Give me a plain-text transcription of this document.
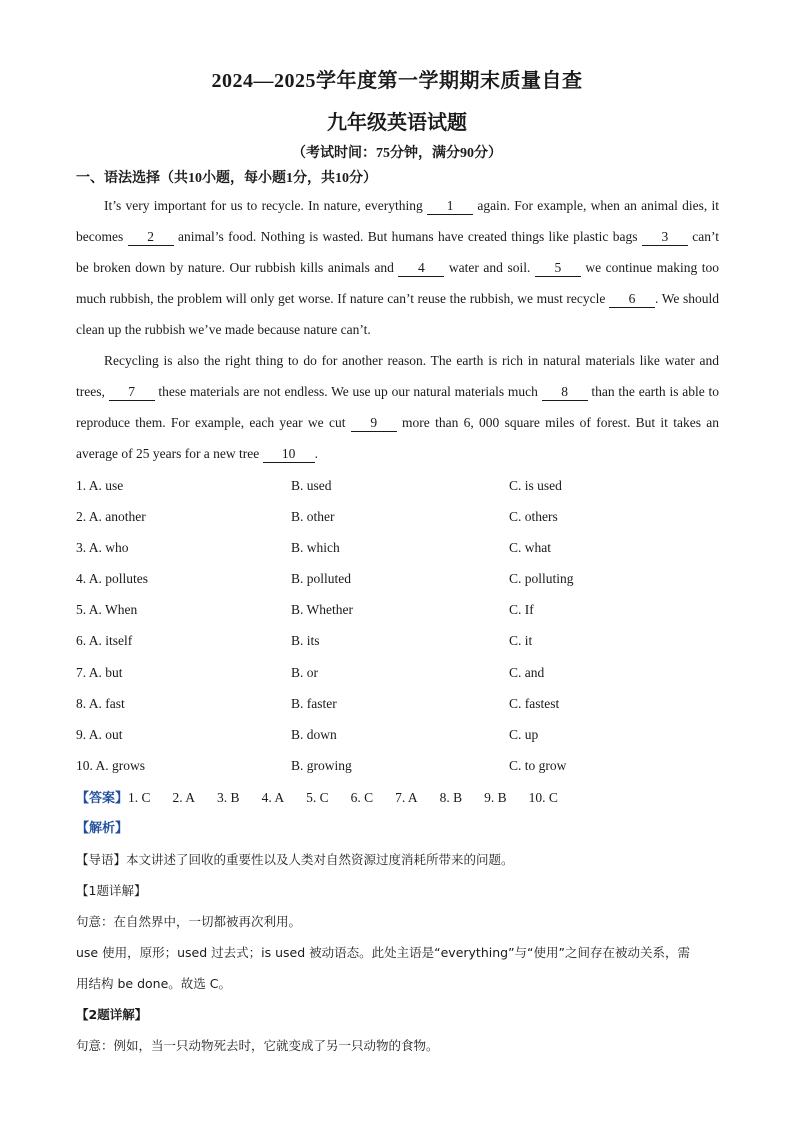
2024—2025学年度第一学期期末质量自查
九年级英语试题
（考试时间：75分钟，满分90分）
一、语法选择（共10小题，每小题1分，共10分）

It’s very important for us to recycle. In nature, everything 1 again. For example, when an animal dies, it becomes 2 animal’s food. Nothing is wasted. But humans have created things like plastic bags 3 can’t be broken down by nature. Our rubbish kills animals and 4 water and soil. 5 we continue making too much rubbish, the problem will only get worse. If nature can’t reuse the rubbish, we must recycle 6 . We should clean up the rubbish we’ve made because nature can’t.

Recycling is also the right thing to do for another reason. The earth is rich in natural materials like water and trees, 7 these materials are not endless. We use up our natural materials much 8 than the earth is able to reproduce them. For example, each year we cut 9 more than 6, 000 square miles of forest. But it takes an average of 25 years for a new tree 10 .

1. A. use	B. used	C. is used
2. A. another	B. other	C. others
3. A. who	B. which	C. what
4. A. pollutes	B. polluted	C. polluting
5. A. When	B. Whether	C. If
6. A. itself	B. its	C. it
7. A. but	B. or	C. and
8. A. fast	B. faster	C. fastest
9. A. out	B. down	C. up
10. A. grows	B. growing	C. to grow
【答案】1. C 2. A 3. B 4. A 5. C 6. C 7. A 8. B 9. B 10. C
【解析】

【导语】本文讲述了回收的重要性以及人类对自然资源过度消耗所带来的问题。

【1题详解】

句意：在自然界中，一切都被再次利用。

use 使用，原形；used 过去式；is used 被动语态。此处主语是“everything”与“使用”之间存在被动关系，需

用结构 be done。故选 C。

【2题详解】

句意：例如，当一只动物死去时，它就变成了另一只动物的食物。
